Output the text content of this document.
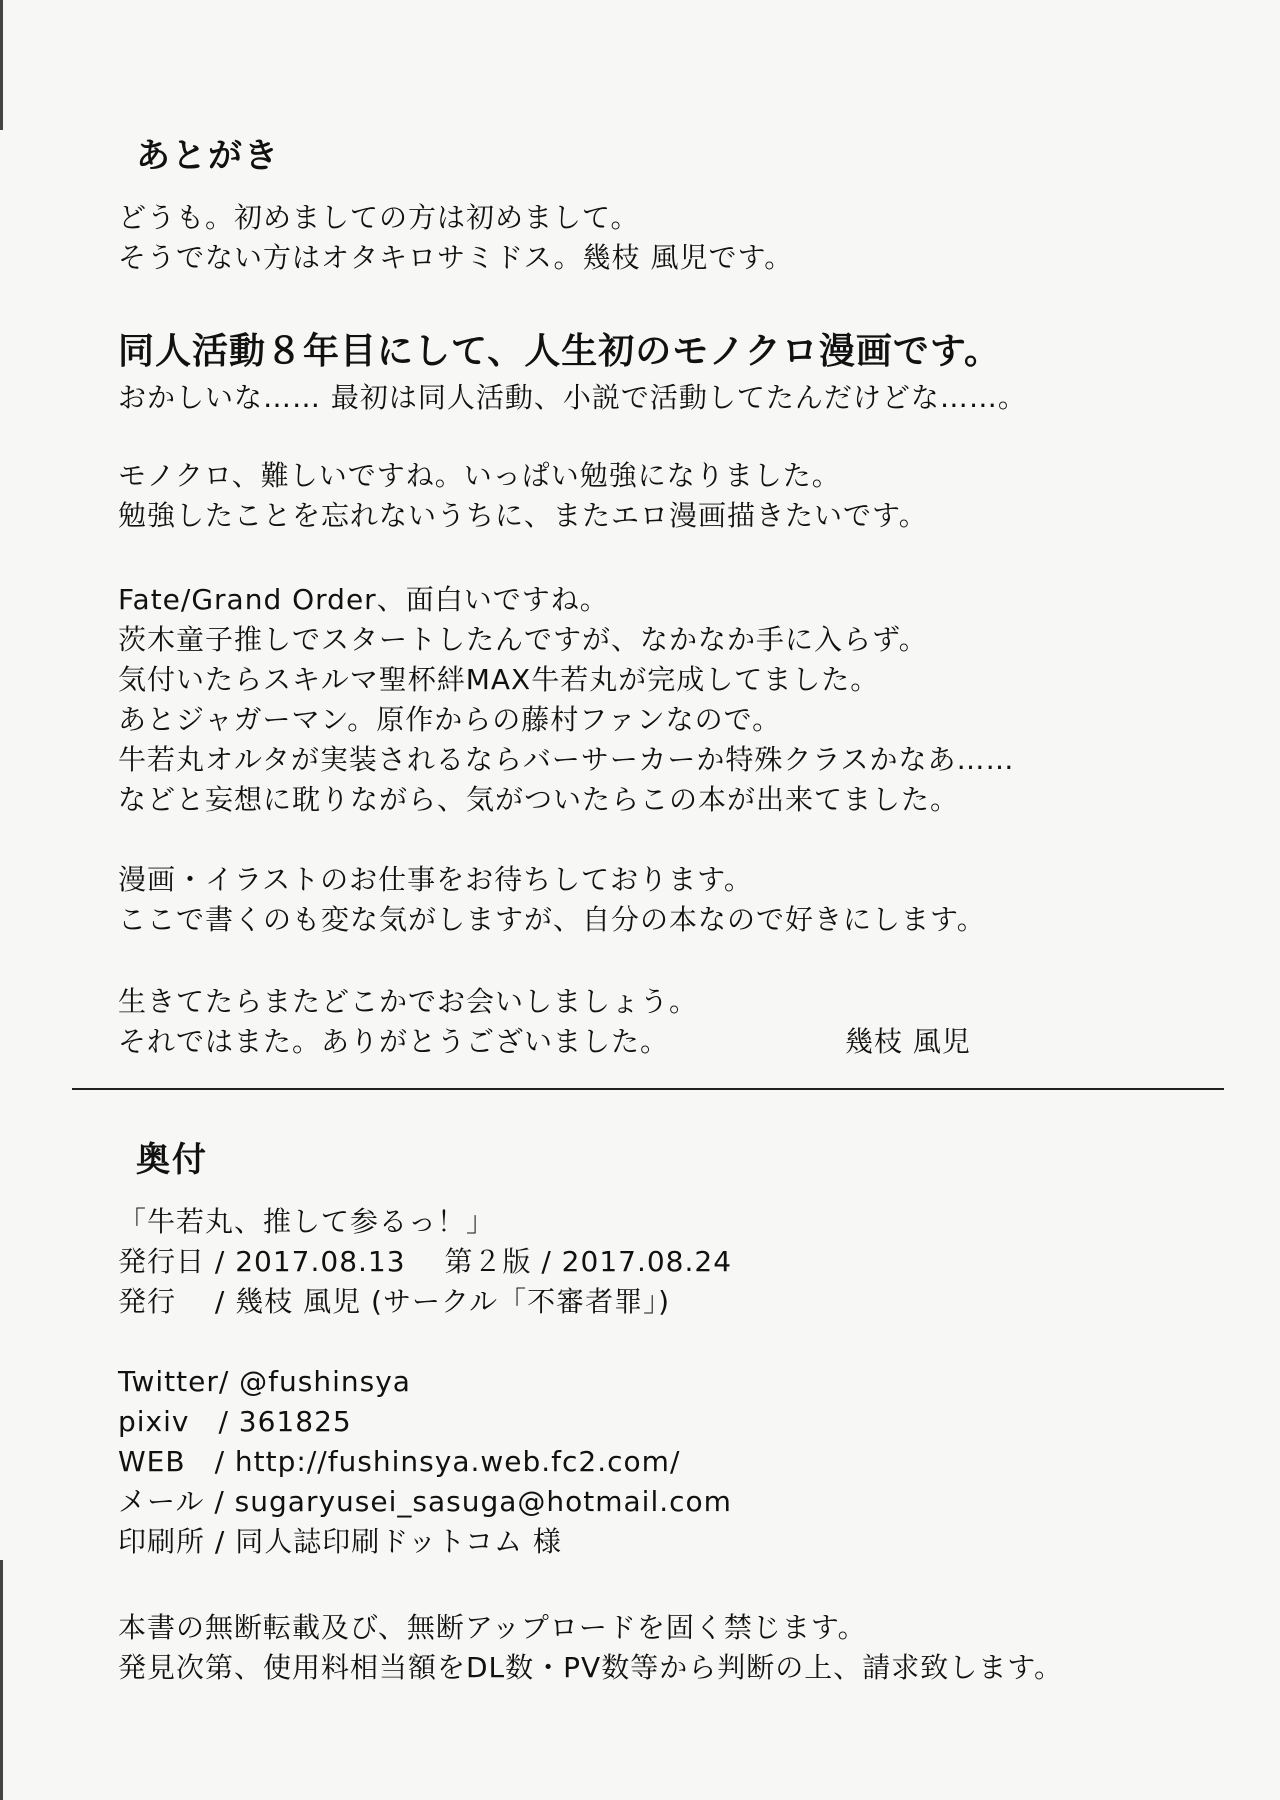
あとがき
どうも。初めましての方は初めまして。
そうでない方はオタキロサミドス。幾枝 風児です。
同人活動８年目にして、人生初のモノクロ漫画です。
おかしいな…… 最初は同人活動、小説で活動してたんだけどな……。
モノクロ、難しいですね。いっぱい勉強になりました。
勉強したことを忘れないうちに、またエロ漫画描きたいです。
Fate/Grand Order、面白いですね。
茨木童子推しでスタートしたんですが、なかなか手に入らず。
気付いたらスキルマ聖杯絆MAX牛若丸が完成してました。
あとジャガーマン。原作からの藤村ファンなので。
牛若丸オルタが実装されるならバーサーカーか特殊クラスかなあ……
などと妄想に耽りながら、気がついたらこの本が出来てました。
漫画・イラストのお仕事をお待ちしております。
ここで書くのも変な気がしますが、自分の本なので好きにします。
生きてたらまたどこかでお会いしましょう。
それではまた。ありがとうございました。	幾枝 風児
奥付
「牛若丸、推して参るっ！」
発行日 / 2017.08.13　 第２版 / 2017.08.24
発行　 / 幾枝 風児 (サークル「不審者罪」)
Twitter/ @fushinsya
pixiv　/ 361825
WEB　/ http://fushinsya.web.fc2.com/
メール / sugaryusei_sasuga@hotmail.com
印刷所 / 同人誌印刷ドットコム 様
本書の無断転載及び、無断アップロードを固く禁じます。
発見次第、使用料相当額をDL数・PV数等から判断の上、請求致します。
